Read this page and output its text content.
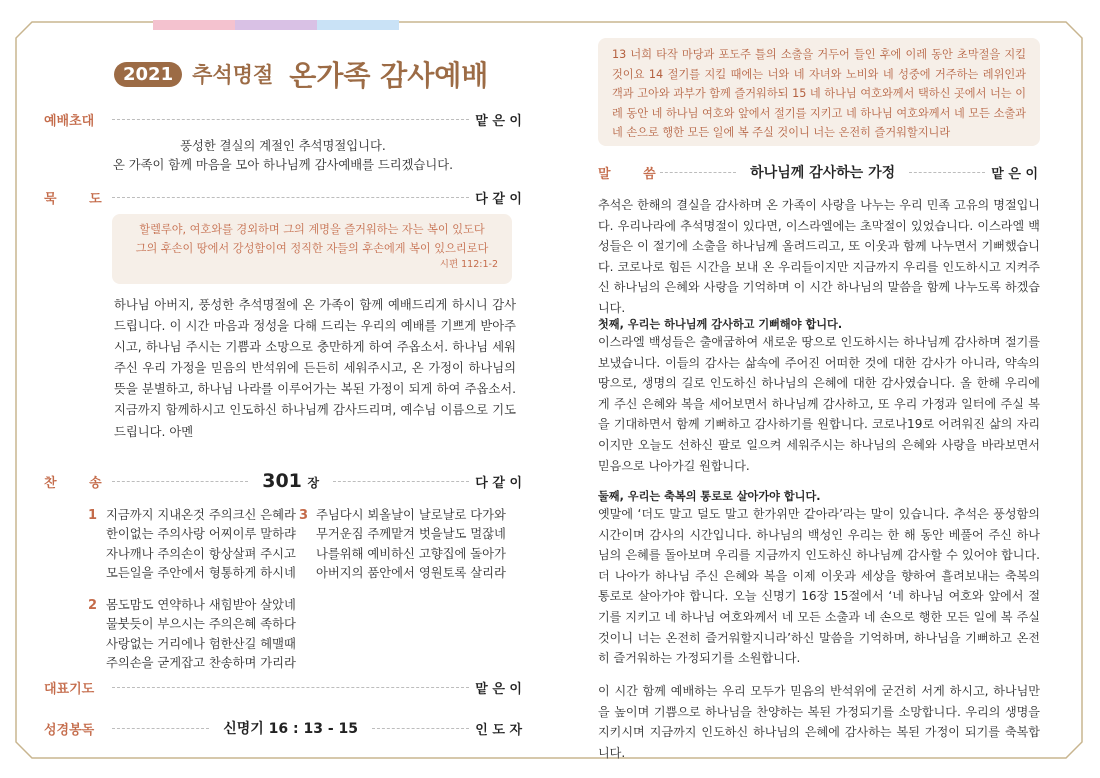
2021 추석명절 온가족 감사예배
예배초대	맡 은 이
풍성한 결실의 계절인 추석명절입니다.
온 가족이 함께 마음을 모아 하나님께 감사예배를 드리겠습니다.
묵 도	다 같 이
할렐루야, 여호와를 경외하며 그의 계명을 즐거워하는 자는 복이 있도다
그의 후손이 땅에서 강성함이여 정직한 자들의 후손에게 복이 있으리로다
시편 112:1-2
하나님 아버지, 풍성한 추석명절에 온 가족이 함께 예배드리게 하시니 감사드립니다. 이 시간 마음과 정성을 다해 드리는 우리의 예배를 기쁘게 받아주시고, 하나님 주시는 기쁨과 소망으로 충만하게 하여 주옵소서. 하나님 세워주신 우리 가정을 믿음의 반석위에 든든히 세워주시고, 온 가정이 하나님의 뜻을 분별하고, 하나님 나라를 이루어가는 복된 가정이 되게 하여 주옵소서. 지금까지 함께하시고 인도하신 하나님께 감사드리며, 예수님 이름으로 기도드립니다. 아멘
찬 송	301 장	다 같 이
1 지금까지 지내온것 주의크신 은혜라
한이없는 주의사랑 어찌이루 말하랴
자나깨나 주의손이 항상살펴 주시고
모든일을 주안에서 형통하게 하시네
3 주님다시 뵈올날이 날로날로 다가와
무거운짐 주께맡겨 벗을날도 멀잖네
나를위해 예비하신 고향집에 돌아가
아버지의 품안에서 영원토록 살리라
2 몸도맘도 연약하나 새힘받아 살았네
물붓듯이 부으시는 주의은혜 족하다
사랑없는 거리에나 험한산길 헤맬때
주의손을 굳게잡고 찬송하며 가리라
대표기도	맡 은 이
성경봉독	신명기 16 : 13 - 15	인 도 자
13 너희 타작 마당과 포도주 틀의 소출을 거두어 들인 후에 이레 동안 초막절을 지킬 것이요 14 절기를 지킬 때에는 너와 네 자녀와 노비와 네 성중에 거주하는 레위인과 객과 고아와 과부가 함께 즐거워하되 15 네 하나님 여호와께서 택하신 곳에서 너는 이레 동안 네 하나님 여호와 앞에서 절기를 지키고 네 하나님 여호와께서 네 모든 소출과 네 손으로 행한 모든 일에 복 주실 것이니 너는 온전히 즐거워할지니라
말 씀	하나님께 감사하는 가정	맡 은 이
추석은 한해의 결실을 감사하며 온 가족이 사랑을 나누는 우리 민족 고유의 명절입니다. 우리나라에 추석명절이 있다면, 이스라엘에는 초막절이 있었습니다. 이스라엘 백성들은 이 절기에 소출을 하나님께 올려드리고, 또 이웃과 함께 나누면서 기뻐했습니다. 코로나로 힘든 시간을 보내 온 우리들이지만 지금까지 우리를 인도하시고 지켜주신 하나님의 은혜와 사랑을 기억하며 이 시간 하나님의 말씀을 함께 나누도록 하겠습니다.
첫째, 우리는 하나님께 감사하고 기뻐해야 합니다.
이스라엘 백성들은 출애굽하여 새로운 땅으로 인도하시는 하나님께 감사하며 절기를 보냈습니다. 이들의 감사는 삶속에 주어진 어떠한 것에 대한 감사가 아니라, 약속의 땅으로, 생명의 길로 인도하신 하나님의 은혜에 대한 감사였습니다. 올 한해 우리에게 주신 은혜와 복을 세어보면서 하나님께 감사하고, 또 우리 가정과 일터에 주실 복을 기대하면서 함께 기뻐하고 감사하기를 원합니다. 코로나19로 어려워진 삶의 자리이지만 오늘도 선하신 팔로 일으켜 세워주시는 하나님의 은혜와 사랑을 바라보면서 믿음으로 나아가길 원합니다.
둘째, 우리는 축복의 통로로 살아가야 합니다.
옛말에 ‘더도 말고 덜도 말고 한가위만 같아라’라는 말이 있습니다. 추석은 풍성함의 시간이며 감사의 시간입니다. 하나님의 백성인 우리는 한 해 동안 베풀어 주신 하나님의 은혜를 돌아보며 우리를 지금까지 인도하신 하나님께 감사할 수 있어야 합니다. 더 나아가 하나님 주신 은혜와 복을 이제 이웃과 세상을 향하여 흘려보내는 축복의 통로로 살아가야 합니다. 오늘 신명기 16장 15절에서 ‘네 하나님 여호와 앞에서 절기를 지키고 네 하나님 여호와께서 네 모든 소출과 네 손으로 행한 모든 일에 복 주실 것이니 너는 온전히 즐거워할지니라’하신 말씀을 기억하며, 하나님을 기뻐하고 온전히 즐거워하는 가정되기를 소원합니다.
이 시간 함께 예배하는 우리 모두가 믿음의 반석위에 굳건히 서게 하시고, 하나님만을 높이며 기쁨으로 하나님을 찬양하는 복된 가정되기를 소망합니다. 우리의 생명을 지키시며 지금까지 인도하신 하나님의 은혜에 감사하는 복된 가정이 되기를 축복합니다.
